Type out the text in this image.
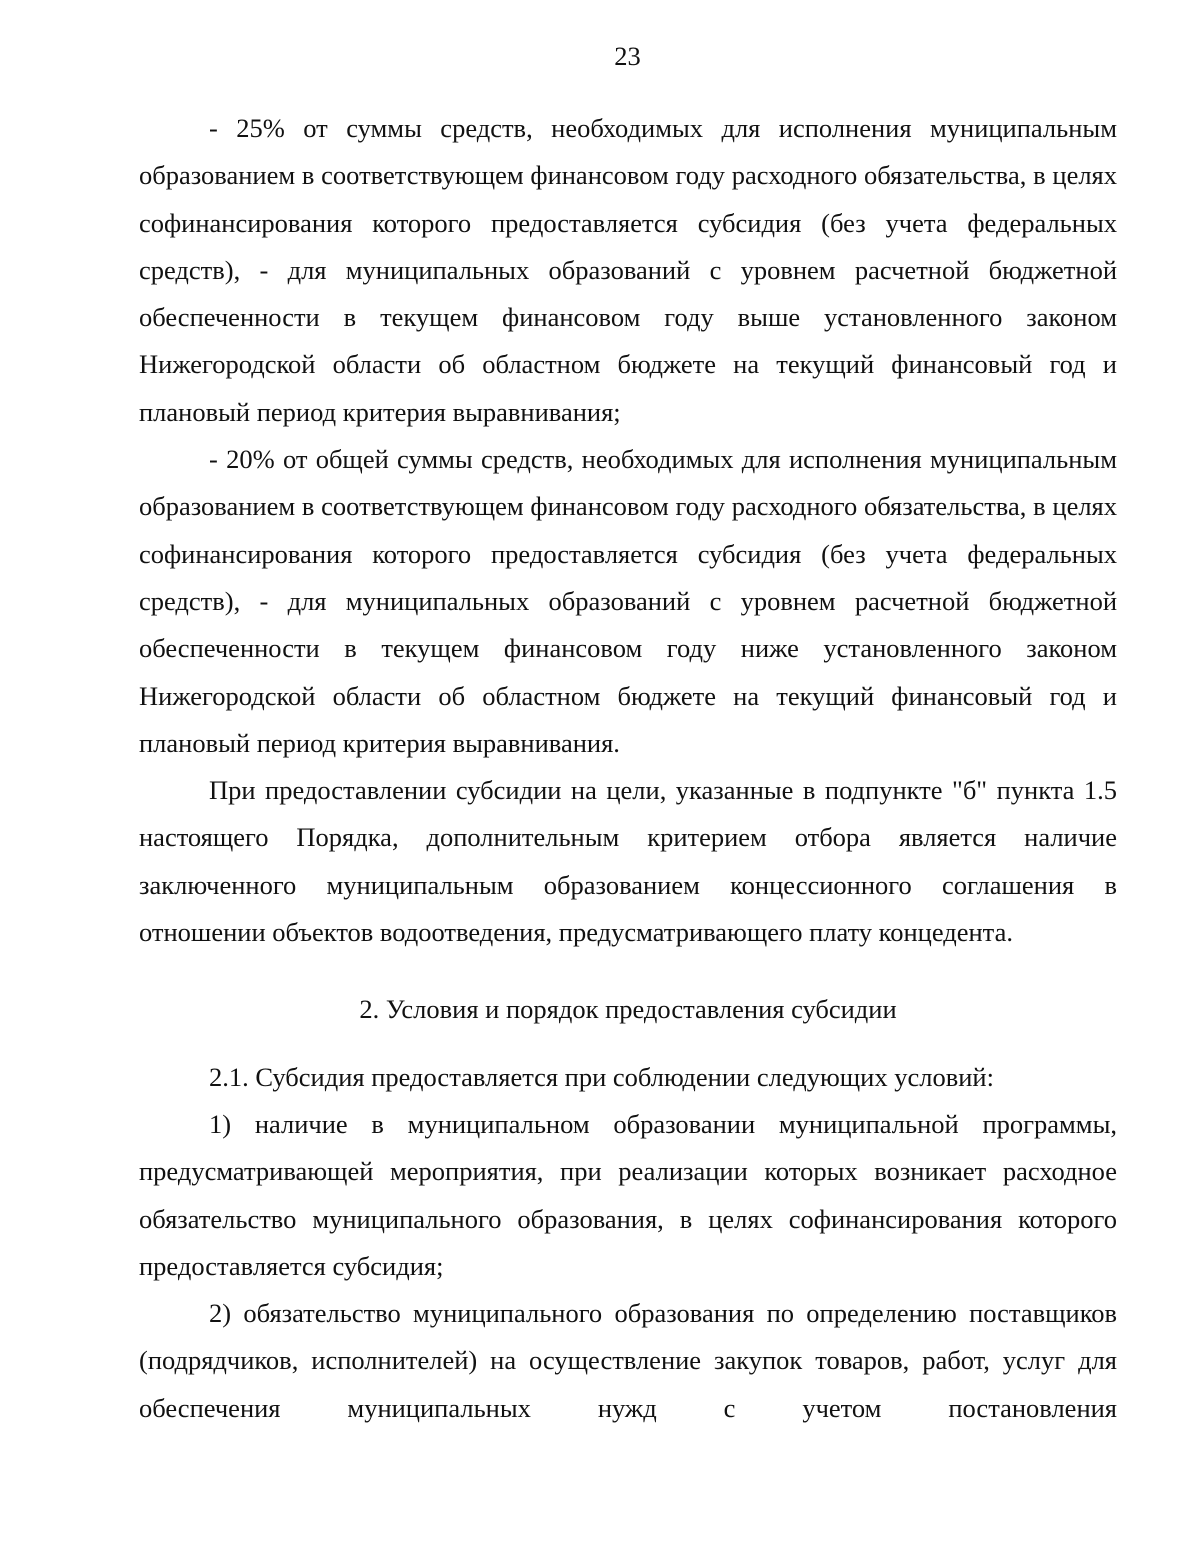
23

- 25% от суммы средств, необходимых для исполнения муниципальным образованием в соответствующем финансовом году расходного обязательства, в целях софинансирования которого предоставляется субсидия (без учета федеральных средств), - для муниципальных образований с уровнем расчетной бюджетной обеспеченности в текущем финансовом году выше установленного законом Нижегородской области об областном бюджете на текущий финансовый год и плановый период критерия выравнивания;

- 20% от общей суммы средств, необходимых для исполнения муниципальным образованием в соответствующем финансовом году расходного обязательства, в целях софинансирования которого предоставляется субсидия (без учета федеральных средств), - для муниципальных образований с уровнем расчетной бюджетной обеспеченности в текущем финансовом году ниже установленного законом Нижегородской области об областном бюджете на текущий финансовый год и плановый период критерия выравнивания.

При предоставлении субсидии на цели, указанные в подпункте "б" пункта 1.5 настоящего Порядка, дополнительным критерием отбора является наличие заключенного муниципальным образованием концессионного соглашения в отношении объектов водоотведения, предусматривающего плату концедента.

2. Условия и порядок предоставления субсидии

2.1. Субсидия предоставляется при соблюдении следующих условий:

1) наличие в муниципальном образовании муниципальной программы, предусматривающей мероприятия, при реализации которых возникает расходное обязательство муниципального образования, в целях софинансирования которого предоставляется субсидия;

2) обязательство муниципального образования по определению поставщиков (подрядчиков, исполнителей) на осуществление закупок товаров, работ, услуг для обеспечения муниципальных нужд с учетом постановления
